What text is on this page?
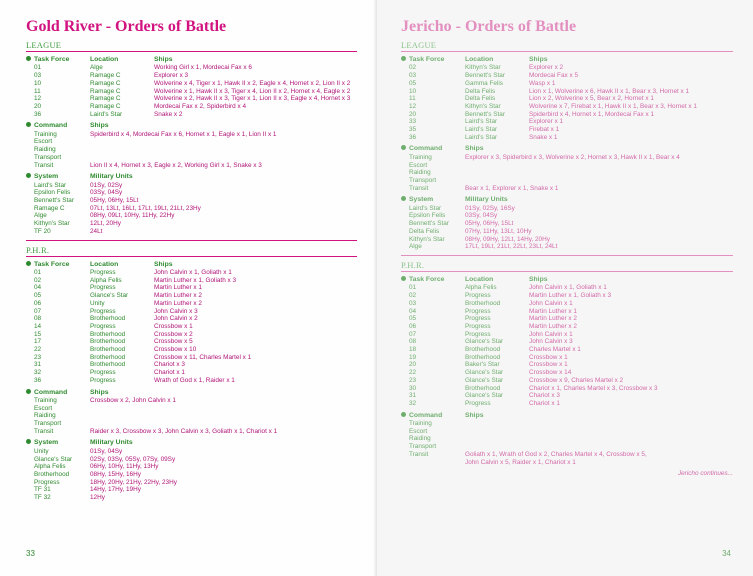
Gold River - Orders of Battle
LEAGUE
Task Force	Location	Ships
01	Alge	Working Girl x 1, Mordecai Fax x 6
03	Ramage C	Explorer x 3
10	Ramage C	Wolverine x 4, Tiger x 1, Hawk II x 2, Eagle x 4, Hornet x 2, Lion II x 2
11	Ramage C	Wolverine x 1, Hawk II x 3, Tiger x 4, Lion II x 2, Hornet x 4, Eagle x 2
12	Ramage C	Wolverine x 2, Hawk II x 3, Tiger x 1, Lion II x 3, Eagle x 4, Hornet x 3
20	Ramage C	Mordecai Fax x 2, Spiderbird x 4
36	Laird's Star	Snake x 2
Command	Ships
Training	Spiderbird x 4, Mordecai Fax x 6, Hornet x 1, Eagle x 1, Lion II x 1
Escort
Raiding
Transport
Transit	Lion II x 4, Hornet x 3, Eagle x 2, Working Girl x 1, Snake x 3
System	Military Units
Laird's Star	01Sy, 02Sy
Epsilon Felis	03Sy, 04Sy
Bennett's Star	05Hy, 06Hy, 15Lt
Ramage C	07Lt, 13Lt, 16Lt, 17Lt, 19Lt, 21Lt, 23Hy
Alge	08Hy, 09Lt, 10Hy, 11Hy, 22Hy
Kithyn's Star	12Lt, 20Hy
TF 20	24Lt
P.H.R.
Task Force	Location	Ships
01	Progress	John Calvin x 1, Goliath x 1
02	Alpha Felis	Martin Luther x 1, Goliath x 3
04	Progress	Martin Luther x 1
05	Glance's Star	Martin Luther x 2
06	Unity	Martin Luther x 2
07	Progress	John Calvin x 3
08	Brotherhood	John Calvin x 2
14	Progress	Crossbow x 1
15	Brotherhood	Crossbow x 2
17	Brotherhood	Crossbow x 5
22	Brotherhood	Crossbow x 10
23	Brotherhood	Crossbow x 11, Charles Martel x 1
31	Brotherhood	Chariot x 3
32	Progress	Chariot x 1
36	Progress	Wrath of God x 1, Raider x 1
Command	Ships
Training	Crossbow x 2, John Calvin x 1
Escort
Raiding
Transport
Transit	Raider x 3, Crossbow x 3, John Calvin x 3, Goliath x 1, Chariot x 1
System	Military Units
Unity	01Sy, 04Sy
Glance's Star	02Sy, 03Sy, 05Sy, 07Sy, 09Sy
Alpha Felis	06Hy, 10Hy, 11Hy, 13Hy
Brotherhood	08Hy, 15Hy, 16Hy
Progress	18Hy, 20Hy, 21Hy, 22Hy, 23Hy
TF 31	14Hy, 17Hy, 19Hy
TF 32	12Hy
33
Jericho - Orders of Battle
LEAGUE
Task Force	Location	Ships
02	Kithyn's Star	Explorer x 2
03	Bennett's Star	Mordecai Fax x 5
05	Gamma Felis	Wasp x 1
10	Delta Felis	Lion x 1, Wolverine x 6, Hawk II x 1, Bear x 3, Hornet x 1
11	Delta Felis	Lion x 2, Wolverine x 5, Bear x 2, Hornet x 1
12	Kithyn's Star	Wolverine x 7, Firebat x 1, Hawk II x 1, Bear x 3, Hornet x 1
20	Bennett's Star	Spiderbird x 4, Hornet x 1, Mordecai Fax x 1
33	Laird's Star	Explorer x 1
35	Laird's Star	Firebat x 1
36	Laird's Star	Snake x 1
Command	Ships
Training	Explorer x 3, Spiderbird x 3, Wolverine x 2, Hornet x 3, Hawk II x 1, Bear x 4
Escort
Raiding
Transport
Transit	Bear x 1, Explorer x 1, Snake x 1
System	Military Units
Laird's Star	01Sy, 02Sy, 16Sy
Epsilon Felis	03Sy, 04Sy
Bennett's Star	05Hy, 06Hy, 15Lt
Delta Felis	07Hy, 11Hy, 13Lt, 10Hy
Kithyn's Star	08Hy, 09Hy, 12Lt, 14Hy, 20Hy
Alge	17Lt, 19Lt, 21Lt, 22Lt, 23Lt, 24Lt
P.H.R.
Task Force	Location	Ships
01	Alpha Felis	John Calvin x 1, Goliath x 1
02	Progress	Martin Luther x 1, Goliath x 3
03	Brotherhood	John Calvin x 1
04	Progress	Martin Luther x 1
05	Progress	Martin Luther x 2
06	Progress	Martin Luther x 2
07	Progress	John Calvin x 1
08	Glance's Star	John Calvin x 3
18	Brotherhood	Charles Martel x 1
19	Brotherhood	Crossbow x 1
20	Baker's Star	Crossbow x 1
22	Glance's Star	Crossbow x 14
23	Glance's Star	Crossbow x 9, Charles Martel x 2
30	Brotherhood	Chariot x 1, Charles Martel x 3, Crossbow x 3
31	Glance's Star	Chariot x 3
32	Progress	Chariot x 1
Command	Ships
Training
Escort
Raiding
Transport
Transit	Goliath x 1, Wrath of God x 2, Charles Martel x 4, Crossbow x 5,
John Calvin x 5, Raider x 1, Chariot x 1
Jericho continues...
34
